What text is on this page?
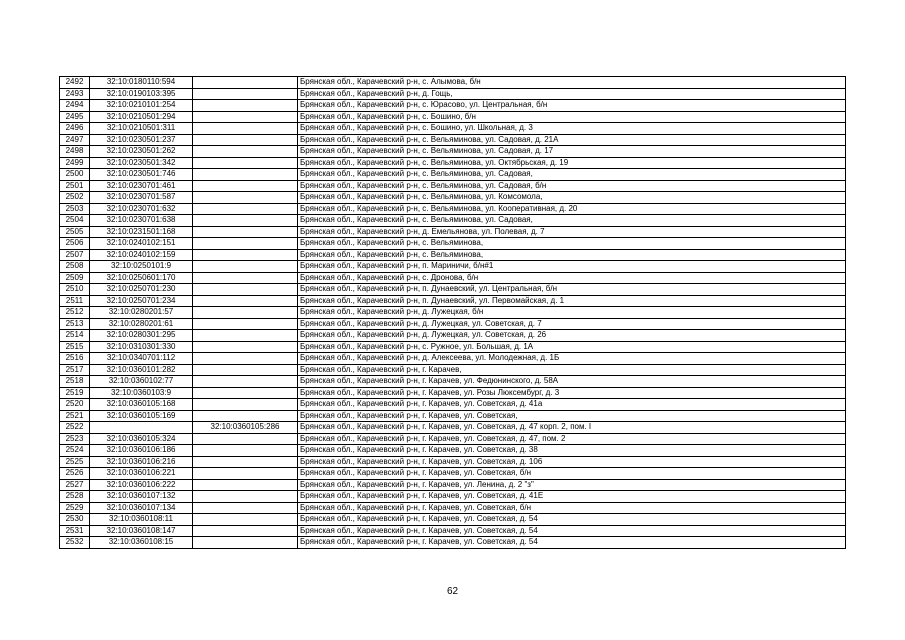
2492	32:10:0180110:594		Брянская обл., Карачевский р-н, с. Алымова, б/н
2493	32:10:0190103:395		Брянская обл., Карачевский р-н, д. Гощь,
2494	32:10:0210101:254		Брянская обл., Карачевский р-н, с. Юрасово, ул. Центральная, б/н
2495	32:10:0210501:294		Брянская обл., Карачевский р-н, с. Бошино, б/н
2496	32:10:0210501:311		Брянская обл., Карачевский р-н, с. Бошино, ул. Школьная, д. 3
2497	32:10:0230501:237		Брянская обл., Карачевский р-н, с. Вельяминова, ул. Садовая, д. 21А
2498	32:10:0230501:262		Брянская обл., Карачевский р-н, с. Вельяминова, ул. Садовая, д. 17
2499	32:10:0230501:342		Брянская обл., Карачевский р-н, с. Вельяминова, ул. Октябрьская, д. 19
2500	32:10:0230501:746		Брянская обл., Карачевский р-н, с. Вельяминова, ул. Садовая,
2501	32:10:0230701:461		Брянская обл., Карачевский р-н, с. Вельяминова, ул. Садовая, б/н
2502	32:10:0230701:587		Брянская обл., Карачевский р-н, с. Вельяминова, ул. Комсомола,
2503	32:10:0230701:632		Брянская обл., Карачевский р-н, с. Вельяминова, ул. Кооперативная, д. 20
2504	32:10:0230701:638		Брянская обл., Карачевский р-н, с. Вельяминова, ул. Садовая,
2505	32:10:0231501:168		Брянская обл., Карачевский р-н, д. Емельянова, ул. Полевая, д. 7
2506	32:10:0240102:151		Брянская обл., Карачевский р-н, с. Вельяминова,
2507	32:10:0240102:159		Брянская обл., Карачевский р-н, с. Вельяминова,
2508	32:10:0250101:9		Брянская обл., Карачевский р-н, п. Мариничи, б/н#1
2509	32:10:0250601:170		Брянская обл., Карачевский р-н, с. Дронова, б/н
2510	32:10:0250701:230		Брянская обл., Карачевский р-н, п. Дунаевский, ул. Центральная, б/н
2511	32:10:0250701:234		Брянская обл., Карачевский р-н, п. Дунаевский, ул. Первомайская, д. 1
2512	32:10:0280201:57		Брянская обл., Карачевский р-н, д. Лужецкая, б/н
2513	32:10:0280201:61		Брянская обл., Карачевский р-н, д. Лужецкая, ул. Советская, д. 7
2514	32:10:0280301:295		Брянская обл., Карачевский р-н, д. Лужецкая, ул. Советская, д. 26
2515	32:10:0310301:330		Брянская обл., Карачевский р-н, с. Ружное, ул. Большая, д. 1А
2516	32:10:0340701:112		Брянская обл., Карачевский р-н, д. Алексеева, ул. Молодежная, д. 1Б
2517	32:10:0360101:282		Брянская обл., Карачевский р-н, г. Карачев,
2518	32:10:0360102:77		Брянская обл., Карачевский р-н, г. Карачев, ул. Федюнинского, д. 58А
2519	32:10:0360103:9		Брянская обл., Карачевский р-н, г. Карачев, ул. Розы Люксембург, д. 3
2520	32:10:0360105:168		Брянская обл., Карачевский р-н, г. Карачев, ул. Советская, д. 41а
2521	32:10:0360105:169		Брянская обл., Карачевский р-н, г. Карачев, ул. Советская,
2522		32:10:0360105:286	Брянская обл., Карачевский р-н, г. Карачев, ул. Советская, д. 47 корп. 2, пом. I
2523	32:10:0360105:324		Брянская обл., Карачевский р-н, г. Карачев, ул. Советская, д. 47, пом. 2
2524	32:10:0360106:186		Брянская обл., Карачевский р-н, г. Карачев, ул. Советская, д. 38
2525	32:10:0360106:216		Брянская обл., Карачевский р-н, г. Карачев, ул. Советская, д. 106
2526	32:10:0360106:221		Брянская обл., Карачевский р-н, г. Карачев, ул. Советская, б/н
2527	32:10:0360106:222		Брянская обл., Карачевский р-н, г. Карачев, ул. Ленина, д. 2 "з"
2528	32:10:0360107:132		Брянская обл., Карачевский р-н, г. Карачев, ул. Советская, д. 41Е
2529	32:10:0360107:134		Брянская обл., Карачевский р-н, г. Карачев, ул. Советская, б/н
2530	32:10:0360108:11		Брянская обл., Карачевский р-н, г. Карачев, ул. Советская, д. 54
2531	32:10:0360108:147		Брянская обл., Карачевский р-н, г. Карачев, ул. Советская, д. 54
2532	32:10:0360108:15		Брянская обл., Карачевский р-н, г. Карачев, ул. Советская, д. 54
62
